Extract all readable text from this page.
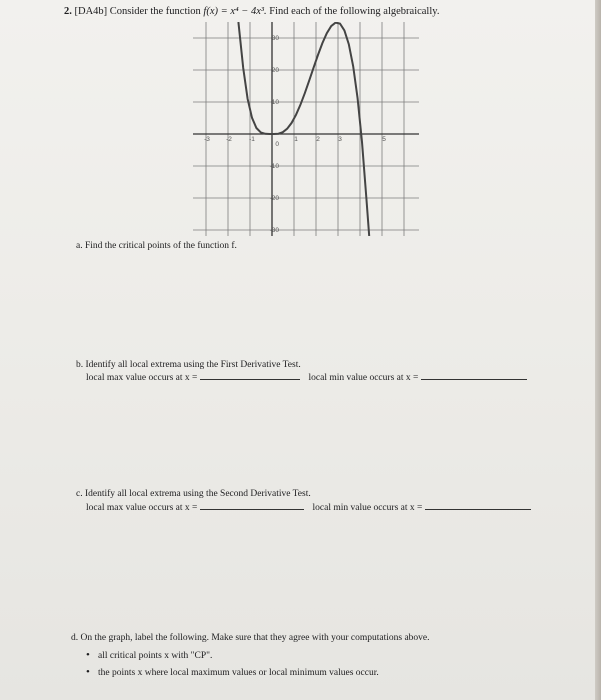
2. [DA4b] Consider the function f(x) = x⁴ − 4x³. Find each of the following algebraically.
30
20
10
0
-10
-20
-30
-3 -2	-1	1	2	3	5
a. Find the critical points of the function f.
b. Identify all local extrema using the First Derivative Test.
local max value occurs at x =	local min value occurs at x =
c. Identify all local extrema using the Second Derivative Test.
local max value occurs at x =	local min value occurs at x =
d. On the graph, label the following. Make sure that they agree with your computations above.
• all critical points x with "CP".
• the points x where local maximum values or local minimum values occur.
